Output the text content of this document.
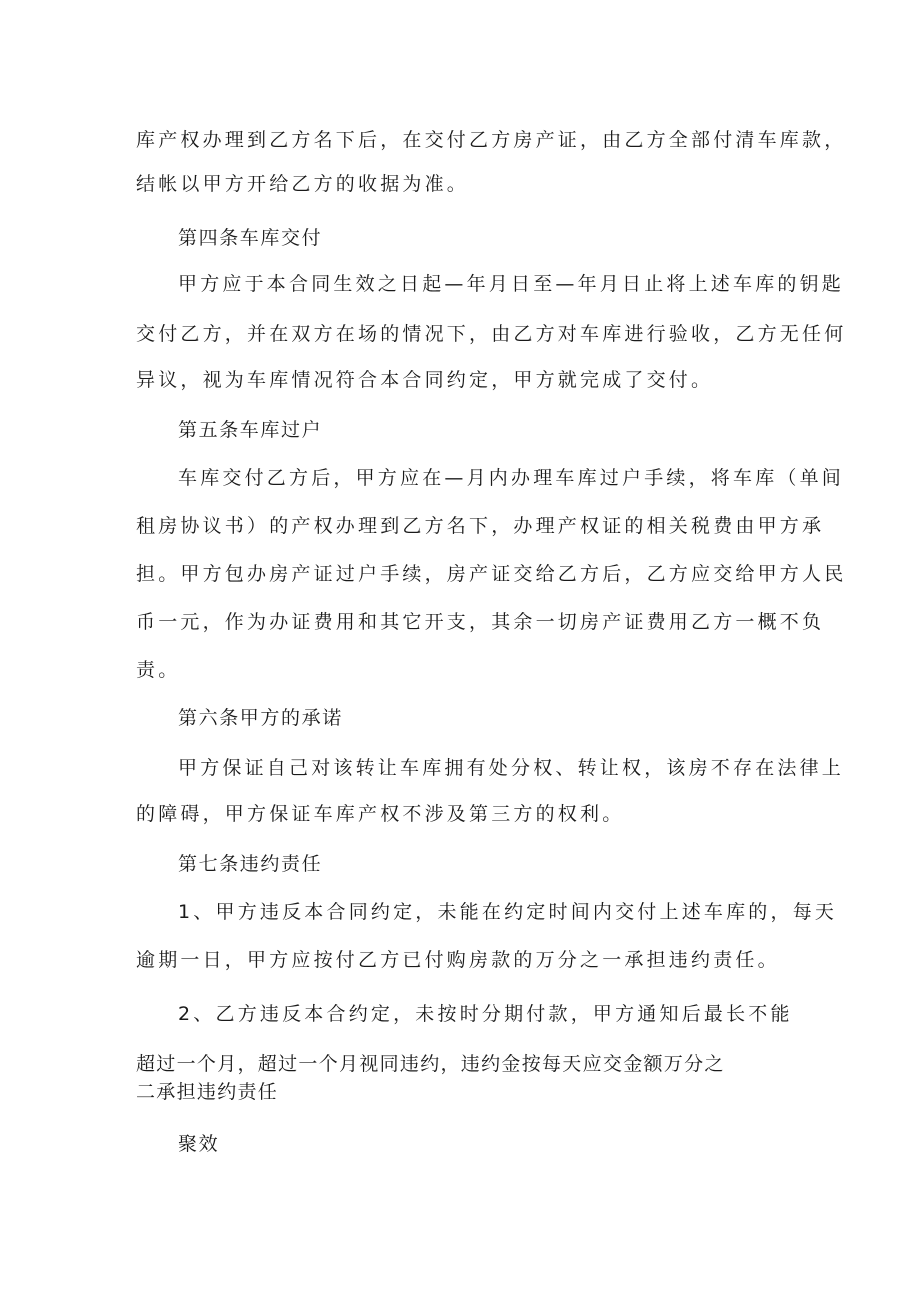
库产权办理到乙方名下后，在交付乙方房产证，由乙方全部付清车库款，
结帐以甲方开给乙方的收据为准。
第四条车库交付
甲方应于本合同生效之日起—年月日至—年月日止将上述车库的钥匙
交付乙方，并在双方在场的情况下，由乙方对车库进行验收，乙方无任何
异议，视为车库情况符合本合同约定，甲方就完成了交付。
第五条车库过户
车库交付乙方后，甲方应在—月内办理车库过户手续，将车库（单间
租房协议书）的产权办理到乙方名下，办理产权证的相关税费由甲方承
担。甲方包办房产证过户手续，房产证交给乙方后，乙方应交给甲方人民
币一元，作为办证费用和其它开支，其余一切房产证费用乙方一概不负
责。
第六条甲方的承诺
甲方保证自己对该转让车库拥有处分权、转让权，该房不存在法律上
的障碍，甲方保证车库产权不涉及第三方的权利。
第七条违约责任
1、甲方违反本合同约定，未能在约定时间内交付上述车库的，每天
逾期一日，甲方应按付乙方已付购房款的万分之一承担违约责任。
2、乙方违反本合约定，未按时分期付款，甲方通知后最长不能
超过一个月，超过一个月视同违约，违约金按每天应交金额万分之
二承担违约责任
聚效
